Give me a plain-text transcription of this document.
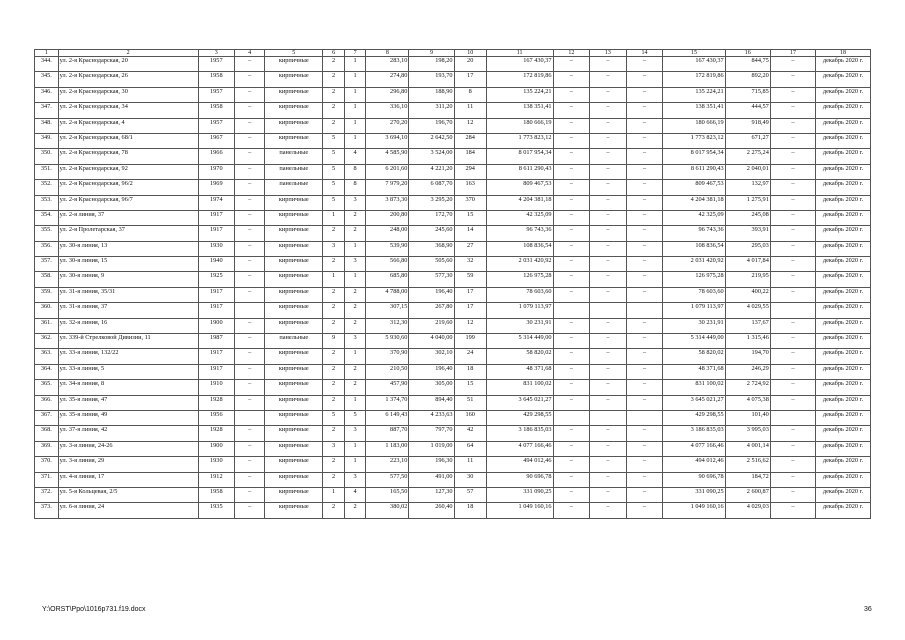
1	2	3	4	5	6	7	8	9	10	11	12	13	14	15	16	17	18
344.	ул. 2-я Краснодарская, 20	1957	–	кирпичные	2	1	283,10	198,20	20	167 430,37	–	–	–	167 430,37	844,75	–	декабрь 2020 г.
345.	ул. 2-я Краснодарская, 26	1958	–	кирпичные	2	1	274,80	193,70	17	172 819,86	–	–	–	172 819,86	892,20	–	декабрь 2020 г.
346.	ул. 2-я Краснодарская, 30	1957	–	кирпичные	2	1	296,80	188,90	8	135 224,21	–	–	–	135 224,21	715,85	–	декабрь 2020 г.
347.	ул. 2-я Краснодарская, 34	1958	–	кирпичные	2	1	336,10	311,20	11	138 351,41	–	–	–	138 351,41	444,57	–	декабрь 2020 г.
348.	ул. 2-я Краснодарская, 4	1957	–	кирпичные	2	1	270,20	196,70	12	180 666,19	–	–	–	180 666,19	918,49	–	декабрь 2020 г.
349.	ул. 2-я Краснодарская, 68/1	1967	–	кирпичные	5	1	3 694,10	2 642,50	284	1 773 823,12	–	–	–	1 773 823,12	671,27	–	декабрь 2020 г.
350.	ул. 2-я Краснодарская, 78	1966	–	панельные	5	4	4 585,90	3 524,00	184	8 017 954,34	–	–	–	8 017 954,34	2 275,24	–	декабрь 2020 г.
351.	ул. 2-я Краснодарская, 92	1970	–	панельные	5	8	6 201,60	4 221,20	294	8 611 290,43	–	–	–	8 611 290,43	2 040,01	–	декабрь 2020 г.
352.	ул. 2-я Краснодарская, 96/2	1969	–	панельные	5	8	7 979,20	6 087,70	163	809 467,53	–	–	–	809 467,53	132,97	–	декабрь 2020 г.
353.	ул. 2-я Краснодарская, 96/7	1974	–	кирпичные	5	3	3 873,30	3 295,20	370	4 204 381,18	–	–	–	4 204 381,18	1 275,91	–	декабрь 2020 г.
354.	ул. 2-я линия, 37	1917	–	кирпичные	1	2	200,80	172,70	15	42 325,09	–	–	–	42 325,09	245,08	–	декабрь 2020 г.
355.	ул. 2-я Пролетарская, 37	1917	–	кирпичные	2	2	248,00	245,60	14	96 743,36	–	–	–	96 743,36	393,91	–	декабрь 2020 г.
356.	ул. 30-я линия, 13	1930	–	кирпичные	3	1	539,90	368,90	27	108 836,54	–	–	–	108 836,54	295,03	–	декабрь 2020 г.
357.	ул. 30-я линия, 15	1940	–	кирпичные	2	3	566,80	505,60	32	2 031 420,92	–	–	–	2 031 420,92	4 017,84	–	декабрь 2020 г.
358.	ул. 30-я линия, 9	1925	–	кирпичные	1	1	685,80	577,30	59	126 975,28	–	–	–	126 975,28	219,95	–	декабрь 2020 г.
359.	ул. 31-я линия, 35/31	1917	–	кирпичные	2	2	4 788,00	196,40	17	78 603,60	–	–	–	78 603,60	400,22	–	декабрь 2020 г.
360.	ул. 31-я линия, 37	1917		кирпичные	2	2	307,15	267,80	17	1 079 113,97				1 079 113,97	4 029,55		декабрь 2020 г.
361.	ул. 32-я линия, 16	1900	–	кирпичные	2	2	312,30	219,60	12	30 231,91	–	–	–	30 231,91	137,67	–	декабрь 2020 г.
362.	ул. 339-й Стрелковой Дивизии, 11	1987	–	панельные	9	3	5 930,60	4 040,00	199	5 314 449,00	–	–	–	5 314 449,00	1 315,46	–	декабрь 2020 г.
363.	ул. 33-я линия, 132/22	1917	–	кирпичные	2	1	370,90	302,10	24	58 820,02	–	–	–	58 820,02	194,70	–	декабрь 2020 г.
364.	ул. 33-я линия, 5	1917	–	кирпичные	2	2	210,50	196,40	18	48 371,68	–	–	–	48 371,68	246,29	–	декабрь 2020 г.
365.	ул. 34-я линия, 8	1910	–	кирпичные	2	2	457,90	305,00	15	831 100,02	–	–	–	831 100,02	2 724,92	–	декабрь 2020 г.
366.	ул. 35-я линия, 47	1928	–	кирпичные	2	1	1 374,70	894,40	51	3 645 021,27	–	–	–	3 645 021,27	4 075,38	–	декабрь 2020 г.
367.	ул. 35-я линия, 49	1956		кирпичные	5	5	6 149,43	4 233,63	160	429 298,55				429 298,55	101,40		декабрь 2020 г.
368.	ул. 37-я линия, 42	1928	–	кирпичные	2	3	887,70	797,70	42	3 186 835,03	–	–	–	3 186 835,03	3 995,03	–	декабрь 2020 г.
369.	ул. 3-я линия, 24-26	1900	–	кирпичные	3	1	1 183,00	1 019,00	64	4 077 166,46	–	–	–	4 077 166,46	4 001,14	–	декабрь 2020 г.
370.	ул. 3-я линия, 29	1930	–	кирпичные	2	1	223,10	196,30	11	494 012,46	–	–	–	494 012,46	2 516,62	–	декабрь 2020 г.
371.	ул. 4-я линия, 17	1912	–	кирпичные	2	3	577,50	491,00	30	90 696,78	–	–	–	90 696,78	184,72	–	декабрь 2020 г.
372.	ул. 5-я Кольцевая, 2/5	1958	–	кирпичные	1	4	165,50	127,30	57	331 090,25	–	–	–	331 090,25	2 600,87	–	декабрь 2020 г.
373.	ул. 6-я линия, 24	1935	–	кирпичные	2	2	380,02	260,40	18	1 049 160,16	–	–	–	1 049 160,16	4 029,03	–	декабрь 2020 г.
Y:\ORST\Ppo\1016p731.f19.docx	36
